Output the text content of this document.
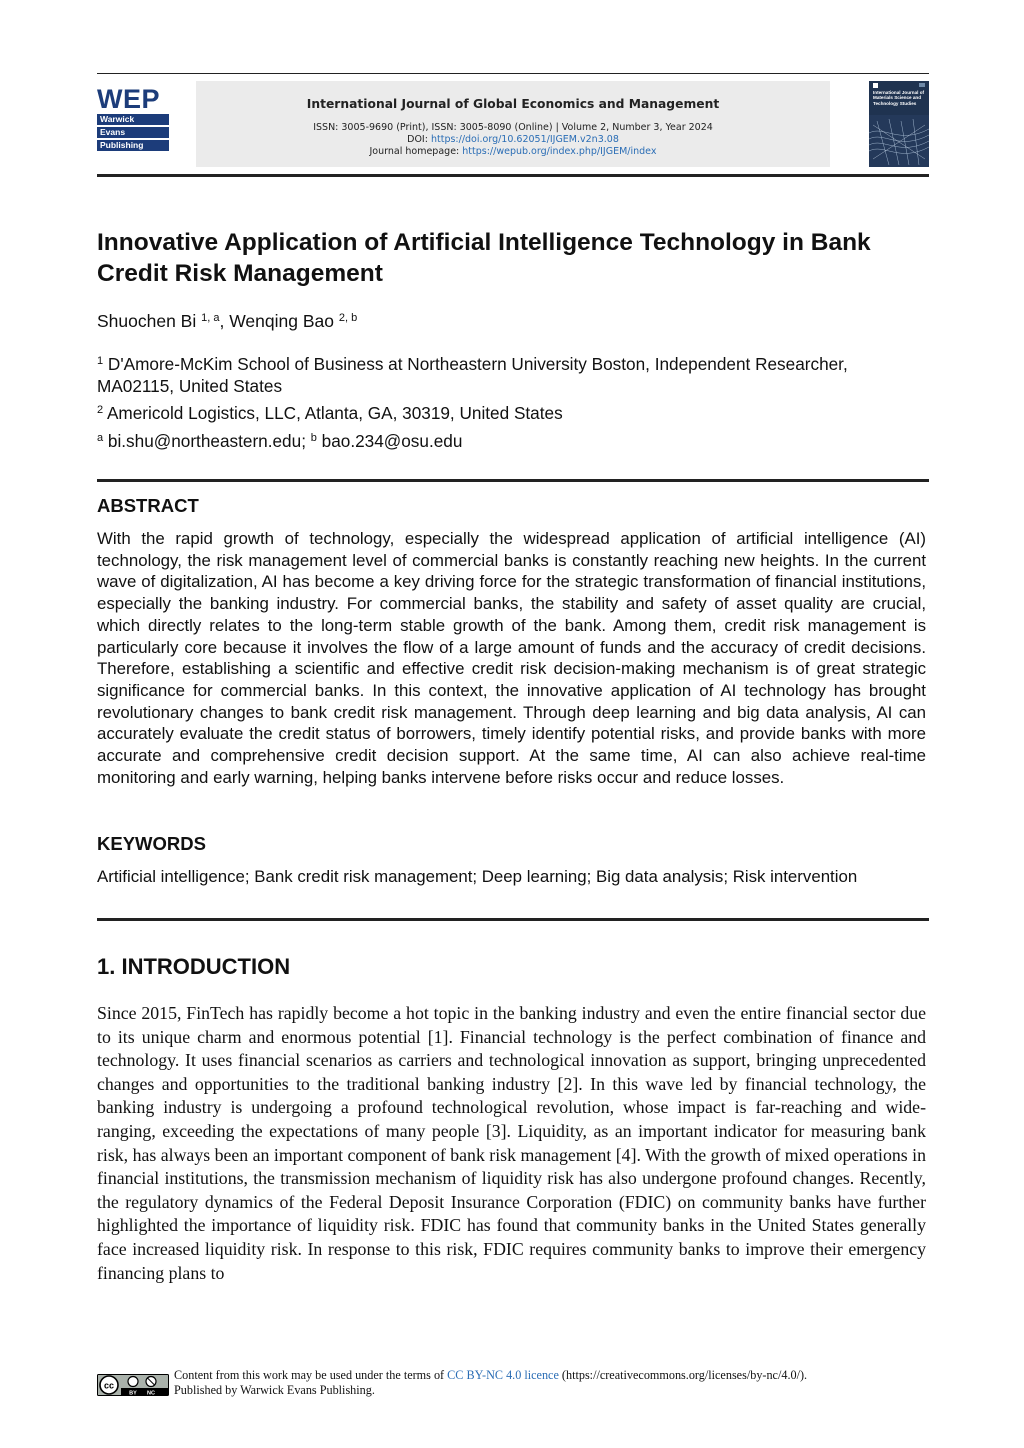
WEP
Warwick
Evans
Publishing
International Journal of Global Economics and Management
ISSN: 3005-9690 (Print), ISSN: 3005-8090 (Online) | Volume 2, Number 3, Year 2024
DOI: https://doi.org/10.62051/IJGEM.v2n3.08
Journal homepage: https://wepub.org/index.php/IJGEM/index
International Journal of Materials Science and Technology Studies
Innovative Application of Artificial Intelligence Technology in Bank Credit Risk Management
Shuochen Bi $^{1, a}$, Wenqing Bao $^{2, b}$
$^1$ D'Amore-McKim School of Business at Northeastern University Boston, Independent Researcher, MA02115, United States
$^2$ Americold Logistics, LLC, Atlanta, GA, 30319, United States
$^a$ bi.shu@northeastern.edu; $^b$ bao.234@osu.edu
ABSTRACT

With the rapid growth of technology, especially the widespread application of artificial intelligence (AI) technology, the risk management level of commercial banks is constantly reaching new heights. In the current wave of digitalization, AI has become a key driving force for the strategic transformation of financial institutions, especially the banking industry. For commercial banks, the stability and safety of asset quality are crucial, which directly relates to the long-term stable growth of the bank. Among them, credit risk management is particularly core because it involves the flow of a large amount of funds and the accuracy of credit decisions. Therefore, establishing a scientific and effective credit risk decision-making mechanism is of great strategic significance for commercial banks. In this context, the innovative application of AI technology has brought revolutionary changes to bank credit risk management. Through deep learning and big data analysis, AI can accurately evaluate the credit status of borrowers, timely identify potential risks, and provide banks with more accurate and comprehensive credit decision support. At the same time, AI can also achieve real-time monitoring and early warning, helping banks intervene before risks occur and reduce losses.

KEYWORDS

Artificial intelligence; Bank credit risk management; Deep learning; Big data analysis; Risk intervention

1. INTRODUCTION

Since 2015, FinTech has rapidly become a hot topic in the banking industry and even the entire financial sector due to its unique charm and enormous potential [1]. Financial technology is the perfect combination of finance and technology. It uses financial scenarios as carriers and technological innovation as support, bringing unprecedented changes and opportunities to the traditional banking industry [2]. In this wave led by financial technology, the banking industry is undergoing a profound technological revolution, whose impact is far-reaching and wide-ranging, exceeding the expectations of many people [3]. Liquidity, as an important indicator for measuring bank risk, has always been an important component of bank risk management [4]. With the growth of mixed operations in financial institutions, the transmission mechanism of liquidity risk has also undergone profound changes. Recently, the regulatory dynamics of the Federal Deposit Insurance Corporation (FDIC) on community banks have further highlighted the importance of liquidity risk. FDIC has found that community banks in the United States generally face increased liquidity risk. In response to this risk, FDIC requires community banks to improve their emergency financing plans to

cc
BY NC
Content from this work may be used under the terms of CC BY-NC 4.0 licence (https://creativecommons.org/licenses/by-nc/4.0/).
Published by Warwick Evans Publishing.
